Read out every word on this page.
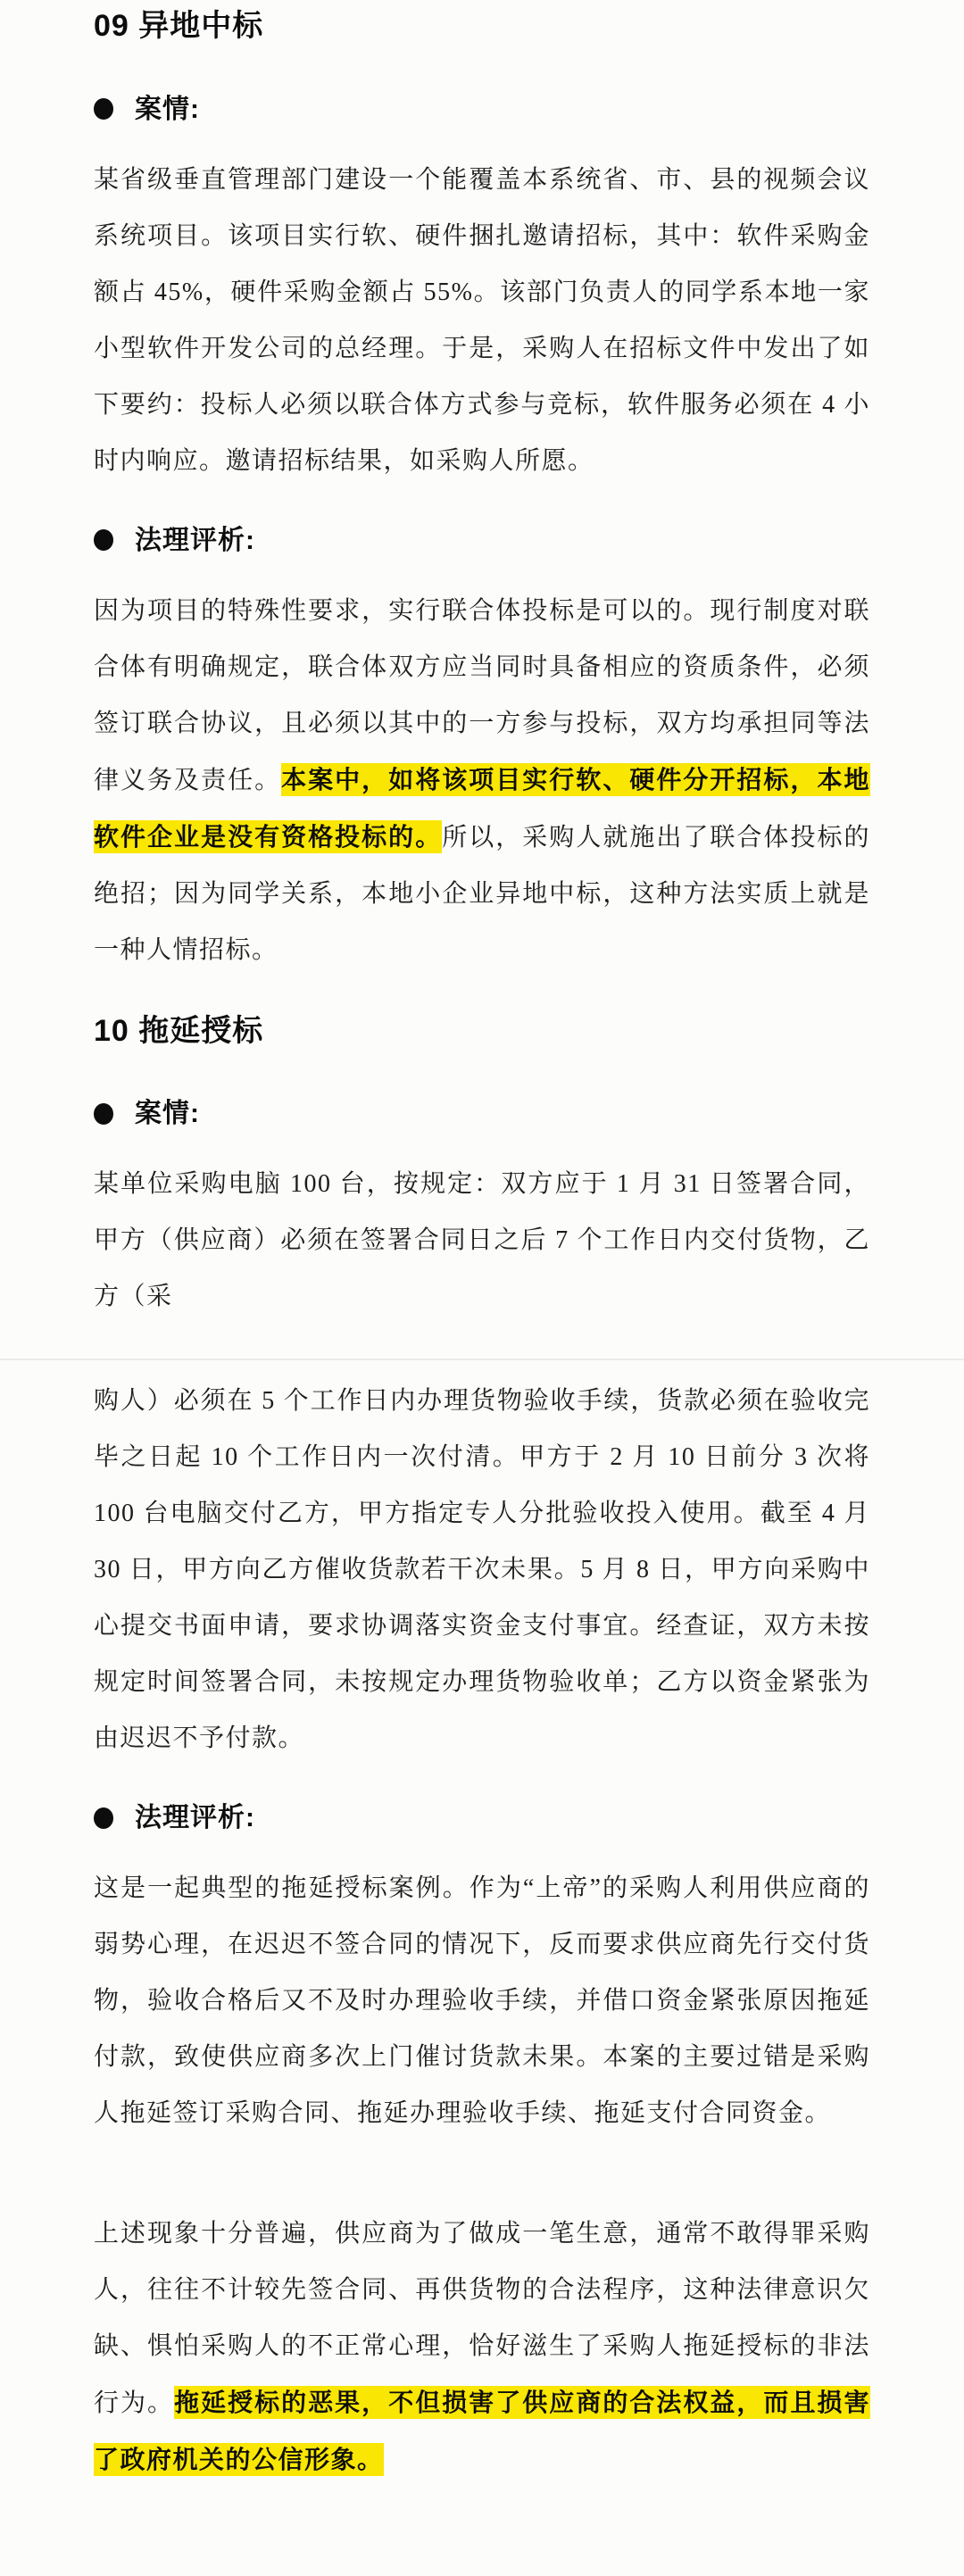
09 异地中标
案情:

某省级垂直管理部门建设一个能覆盖本系统省、市、县的视频会议系统项目。该项目实行软、硬件捆扎邀请招标，其中：软件采购金额占 45%，硬件采购金额占 55%。该部门负责人的同学系本地一家小型软件开发公司的总经理。于是，采购人在招标文件中发出了如下要约：投标人必须以联合体方式参与竞标，软件服务必须在 4 小时内响应。邀请招标结果，如采购人所愿。

法理评析:

因为项目的特殊性要求，实行联合体投标是可以的。现行制度对联合体有明确规定，联合体双方应当同时具备相应的资质条件，必须签订联合协议，且必须以其中的一方参与投标，双方均承担同等法律义务及责任。本案中，如将该项目实行软、硬件分开招标，本地软件企业是没有资格投标的。所以，采购人就施出了联合体投标的绝招；因为同学关系，本地小企业异地中标，这种方法实质上就是一种人情招标。

10 拖延授标
案情:

某单位采购电脑 100 台，按规定：双方应于 1 月 31 日签署合同，甲方（供应商）必须在签署合同日之后 7 个工作日内交付货物，乙方（采

购人）必须在 5 个工作日内办理货物验收手续，货款必须在验收完毕之日起 10 个工作日内一次付清。甲方于 2 月 10 日前分 3 次将 100 台电脑交付乙方，甲方指定专人分批验收投入使用。截至 4 月 30 日，甲方向乙方催收货款若干次未果。5 月 8 日，甲方向采购中心提交书面申请，要求协调落实资金支付事宜。经查证，双方未按规定时间签署合同，未按规定办理货物验收单；乙方以资金紧张为由迟迟不予付款。

法理评析:

这是一起典型的拖延授标案例。作为“上帝”的采购人利用供应商的弱势心理，在迟迟不签合同的情况下，反而要求供应商先行交付货物，验收合格后又不及时办理验收手续，并借口资金紧张原因拖延付款，致使供应商多次上门催讨货款未果。本案的主要过错是采购人拖延签订采购合同、拖延办理验收手续、拖延支付合同资金。

上述现象十分普遍，供应商为了做成一笔生意，通常不敢得罪采购人，往往不计较先签合同、再供货物的合法程序，这种法律意识欠缺、惧怕采购人的不正常心理，恰好滋生了采购人拖延授标的非法行为。拖延授标的恶果，不但损害了供应商的合法权益，而且损害了政府机关的公信形象。
